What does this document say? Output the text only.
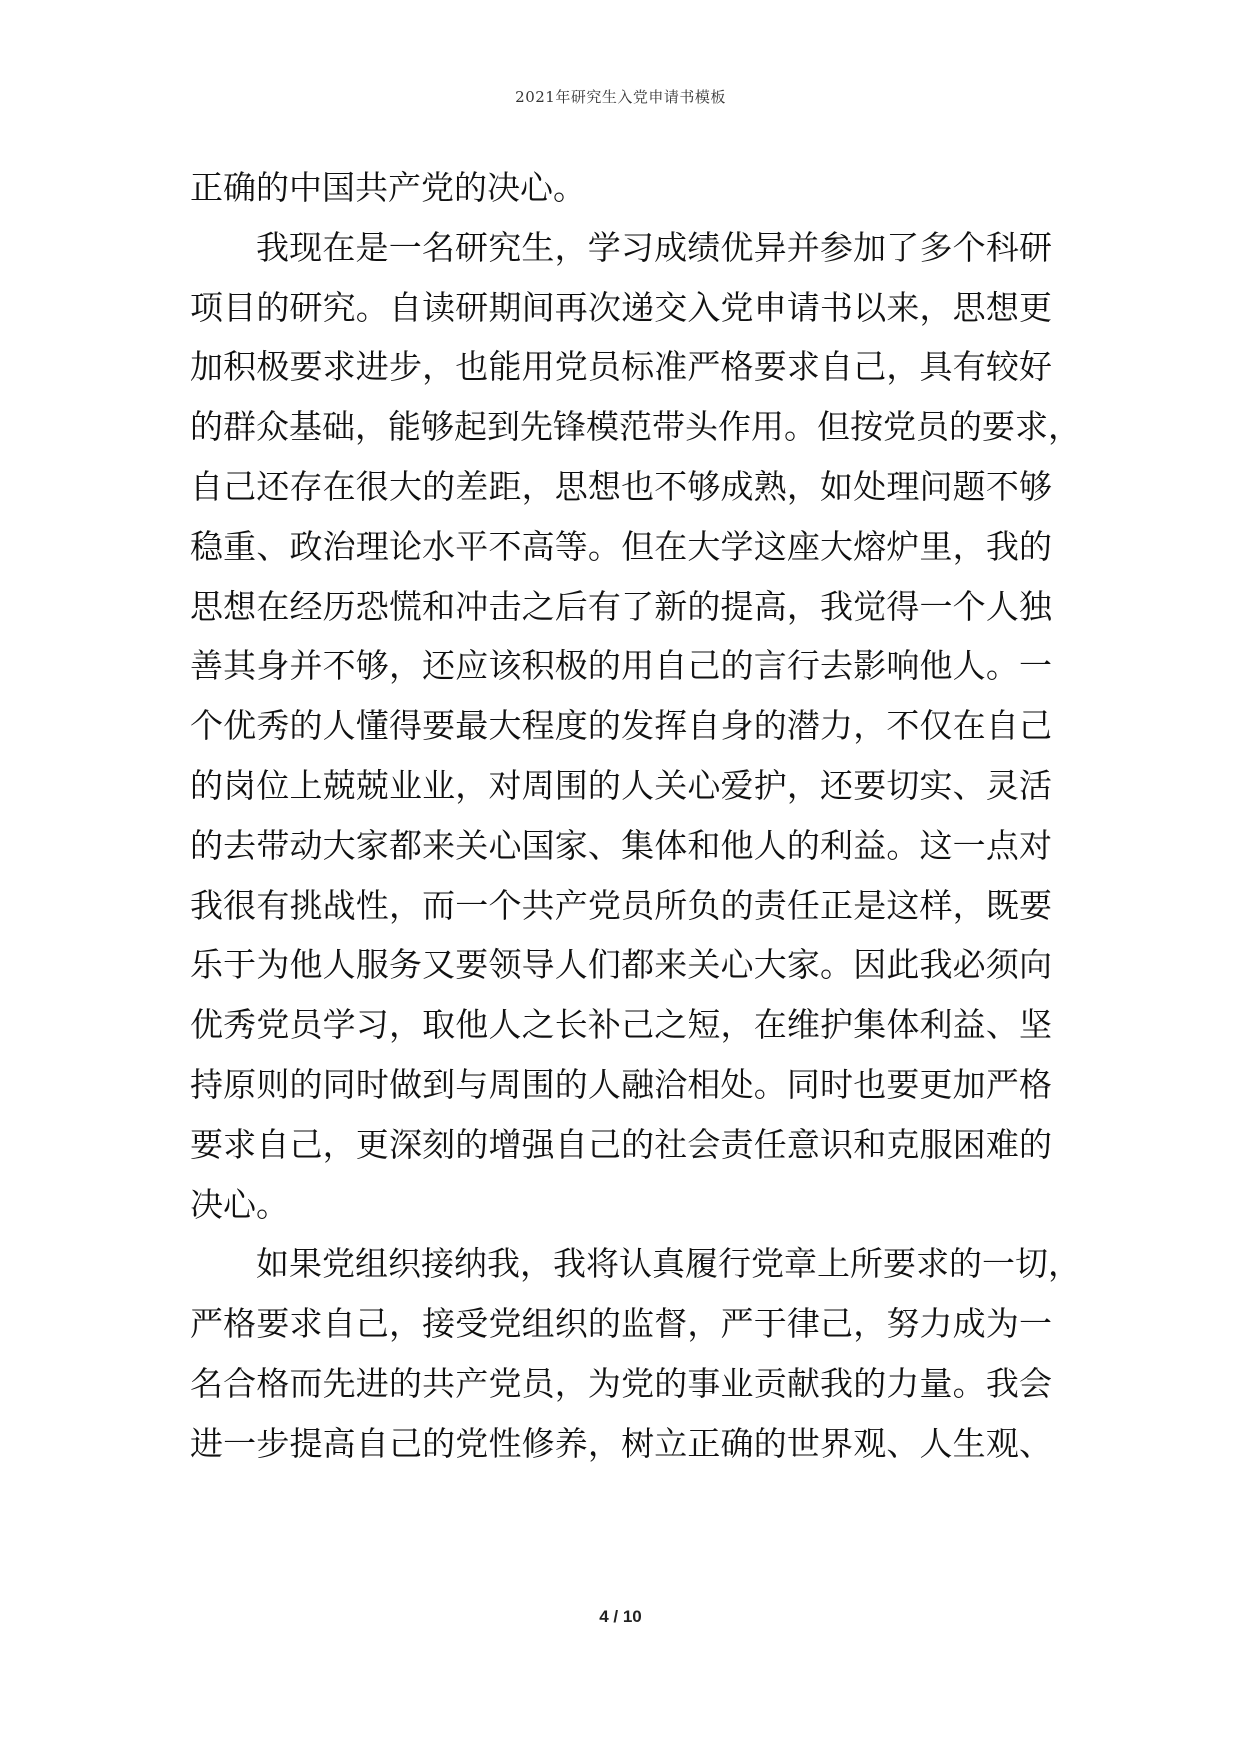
2021年研究生入党申请书模板
正确的中国共产党的决心。
我现在是一名研究生，学习成绩优异并参加了多个科研
项目的研究。自读研期间再次递交入党申请书以来，思想更
加积极要求进步，也能用党员标准严格要求自己，具有较好
的群众基础，能够起到先锋模范带头作用。但按党员的要求，
自己还存在很大的差距，思想也不够成熟，如处理问题不够
稳重、政治理论水平不高等。但在大学这座大熔炉里，我的
思想在经历恐慌和冲击之后有了新的提高，我觉得一个人独
善其身并不够，还应该积极的用自己的言行去影响他人。一
个优秀的人懂得要最大程度的发挥自身的潜力，不仅在自己
的岗位上兢兢业业，对周围的人关心爱护，还要切实、灵活
的去带动大家都来关心国家、集体和他人的利益。这一点对
我很有挑战性，而一个共产党员所负的责任正是这样，既要
乐于为他人服务又要领导人们都来关心大家。因此我必须向
优秀党员学习，取他人之长补己之短，在维护集体利益、坚
持原则的同时做到与周围的人融洽相处。同时也要更加严格
要求自己，更深刻的增强自己的社会责任意识和克服困难的
决心。
如果党组织接纳我，我将认真履行党章上所要求的一切，
严格要求自己，接受党组织的监督，严于律己，努力成为一
名合格而先进的共产党员，为党的事业贡献我的力量。我会
进一步提高自己的党性修养，树立正确的世界观、人生观、
4 / 10
